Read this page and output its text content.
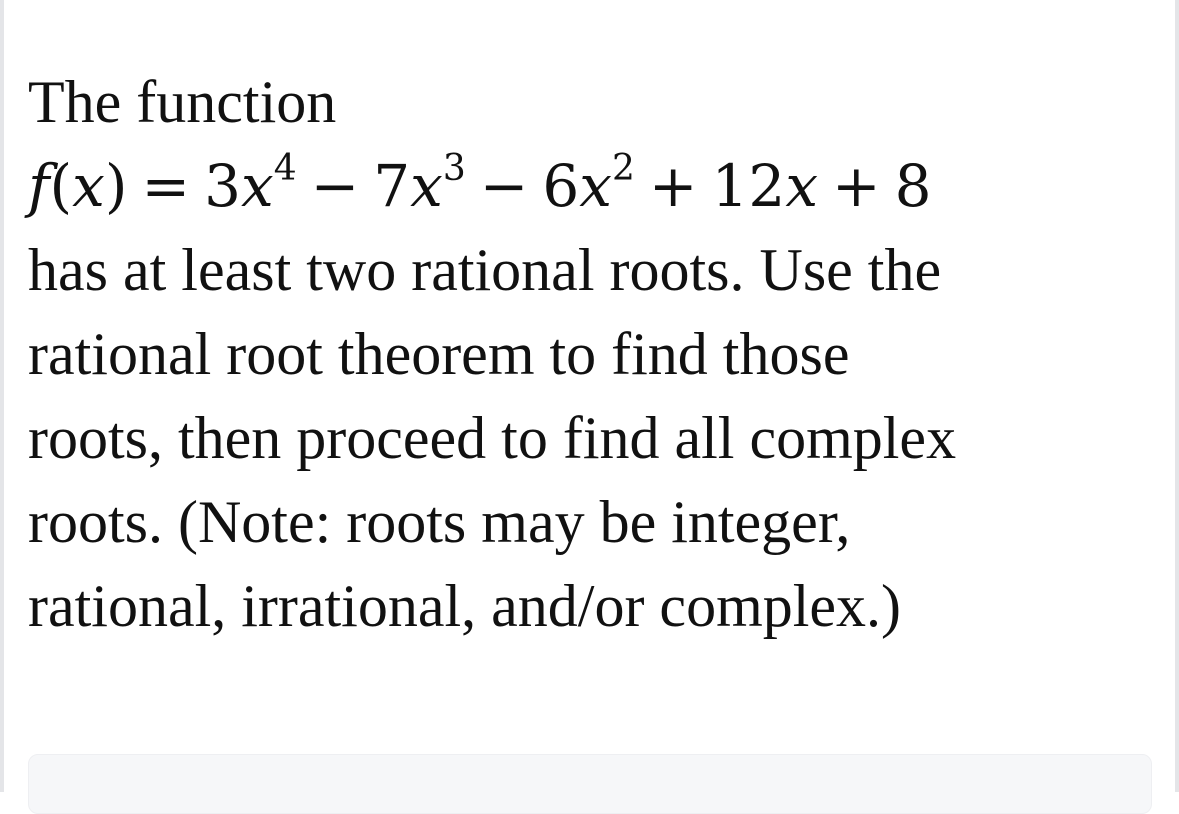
The function
$f(x) = 3x^4 - 7x^3 - 6x^2 + 12x + 8$
has at least two rational roots. Use the
rational root theorem to find those
roots, then proceed to find all complex
roots. (Note: roots may be integer,
rational, irrational, and/or complex.)
